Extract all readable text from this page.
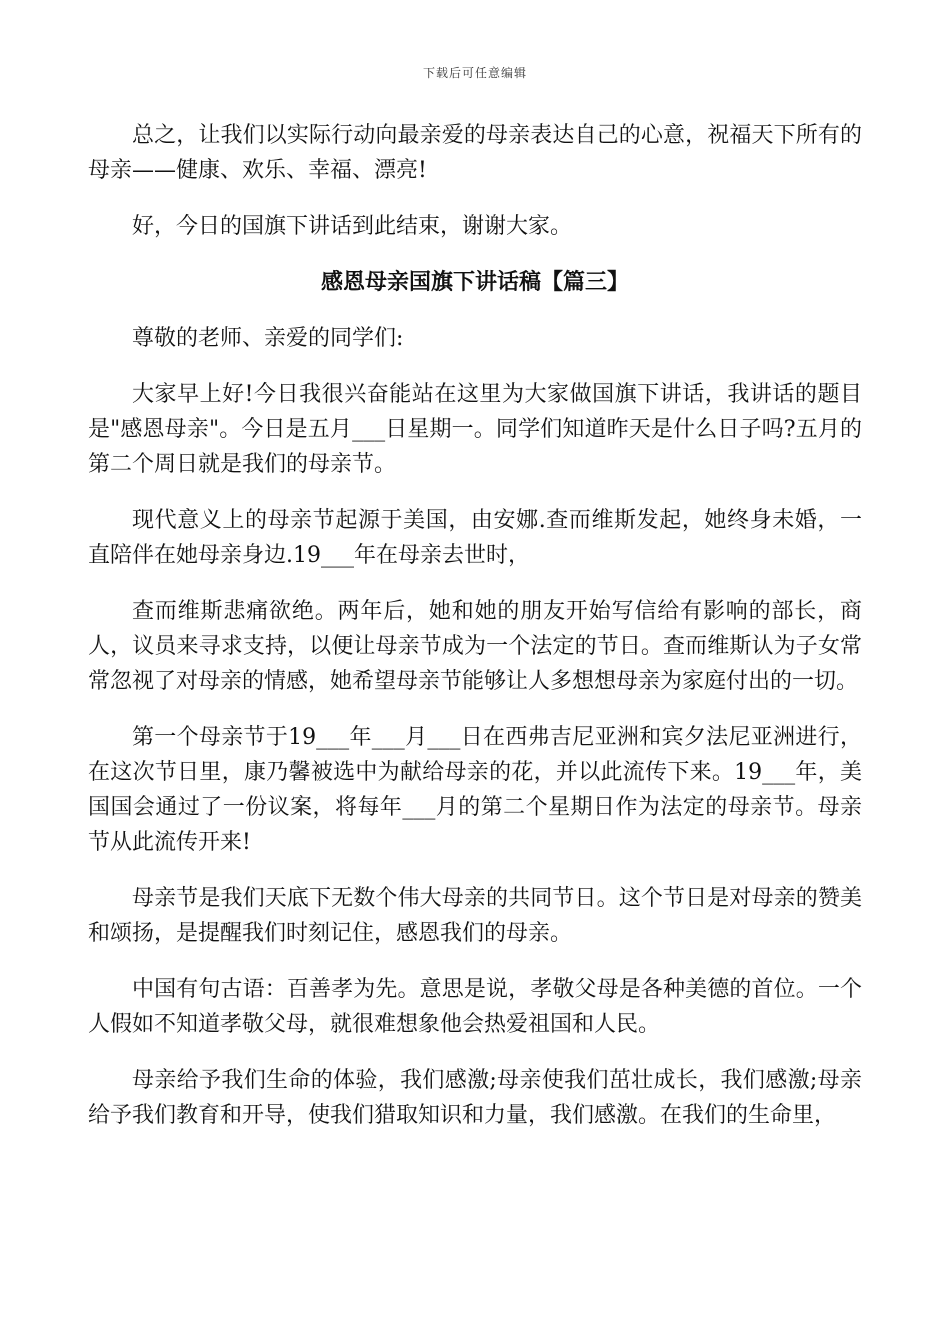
下载后可任意编辑

总之，让我们以实际行动向最亲爱的母亲表达自己的心意，祝福天下所有的母亲——健康、欢乐、幸福、漂亮!

好，今日的国旗下讲话到此结束，谢谢大家。

感恩母亲国旗下讲话稿【篇三】

尊敬的老师、亲爱的同学们:

大家早上好!今日我很兴奋能站在这里为大家做国旗下讲话，我讲话的题目是"感恩母亲"。今日是五月___日星期一。同学们知道昨天是什么日子吗?五月的第二个周日就是我们的母亲节。

现代意义上的母亲节起源于美国，由安娜.查而维斯发起，她终身未婚，一直陪伴在她母亲身边.19___年在母亲去世时，

查而维斯悲痛欲绝。两年后，她和她的朋友开始写信给有影响的部长，商人，议员来寻求支持，以便让母亲节成为一个法定的节日。查而维斯认为子女常常忽视了对母亲的情感，她希望母亲节能够让人多想想母亲为家庭付出的一切。

第一个母亲节于19___年___月___日在西弗吉尼亚洲和宾夕法尼亚洲进行，在这次节日里，康乃馨被选中为献给母亲的花，并以此流传下来。19___年，美国国会通过了一份议案，将每年___月的第二个星期日作为法定的母亲节。母亲节从此流传开来!

母亲节是我们天底下无数个伟大母亲的共同节日。这个节日是对母亲的赞美和颂扬，是提醒我们时刻记住，感恩我们的母亲。

中国有句古语：百善孝为先。意思是说，孝敬父母是各种美德的首位。一个人假如不知道孝敬父母，就很难想象他会热爱祖国和人民。

母亲给予我们生命的体验，我们感激;母亲使我们茁壮成长，我们感激;母亲给予我们教育和开导，使我们猎取知识和力量，我们感激。在我们的生命里，
